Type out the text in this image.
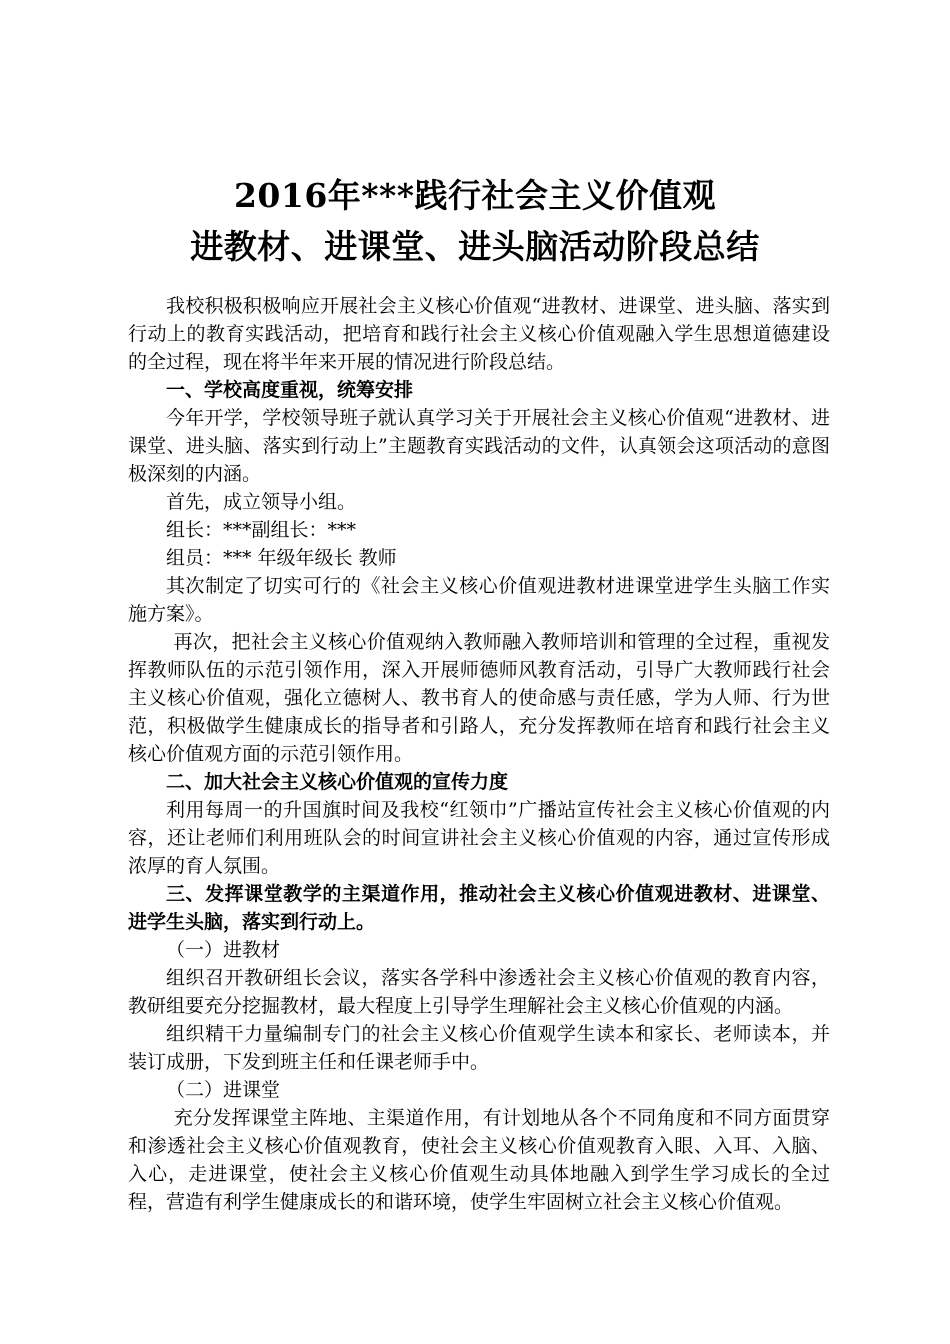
2016年***践行社会主义价值观
进教材、进课堂、进头脑活动阶段总结

我校积极积极响应开展社会主义核心价值观“进教材、进课堂、进头脑、落实到行动上的教育实践活动，把培育和践行社会主义核心价值观融入学生思想道德建设的全过程，现在将半年来开展的情况进行阶段总结。

一、学校高度重视，统筹安排

今年开学，学校领导班子就认真学习关于开展社会主义核心价值观“进教材、进课堂、进头脑、落实到行动上”主题教育实践活动的文件，认真领会这项活动的意图极深刻的内涵。

首先，成立领导小组。

组长：***副组长：***

组员：*** 年级年级长 教师

其次制定了切实可行的《社会主义核心价值观进教材进课堂进学生头脑工作实施方案》。

再次，把社会主义核心价值观纳入教师融入教师培训和管理的全过程，重视发挥教师队伍的示范引领作用，深入开展师德师风教育活动，引导广大教师践行社会主义核心价值观，强化立德树人、教书育人的使命感与责任感，学为人师、行为世范，积极做学生健康成长的指导者和引路人，充分发挥教师在培育和践行社会主义核心价值观方面的示范引领作用。

二、加大社会主义核心价值观的宣传力度

利用每周一的升国旗时间及我校“红领巾”广播站宣传社会主义核心价值观的内容，还让老师们利用班队会的时间宣讲社会主义核心价值观的内容，通过宣传形成浓厚的育人氛围。

三、发挥课堂教学的主渠道作用，推动社会主义核心价值观进教材、进课堂、进学生头脑，落实到行动上。

（一）进教材

组织召开教研组长会议，落实各学科中渗透社会主义核心价值观的教育内容，教研组要充分挖掘教材，最大程度上引导学生理解社会主义核心价值观的内涵。

组织精干力量编制专门的社会主义核心价值观学生读本和家长、老师读本，并装订成册，下发到班主任和任课老师手中。

（二）进课堂

充分发挥课堂主阵地、主渠道作用，有计划地从各个不同角度和不同方面贯穿和渗透社会主义核心价值观教育，使社会主义核心价值观教育入眼、入耳、入脑、入心，走进课堂，使社会主义核心价值观生动具体地融入到学生学习成长的全过程，营造有利学生健康成长的和谐环境，使学生牢固树立社会主义核心价值观。
